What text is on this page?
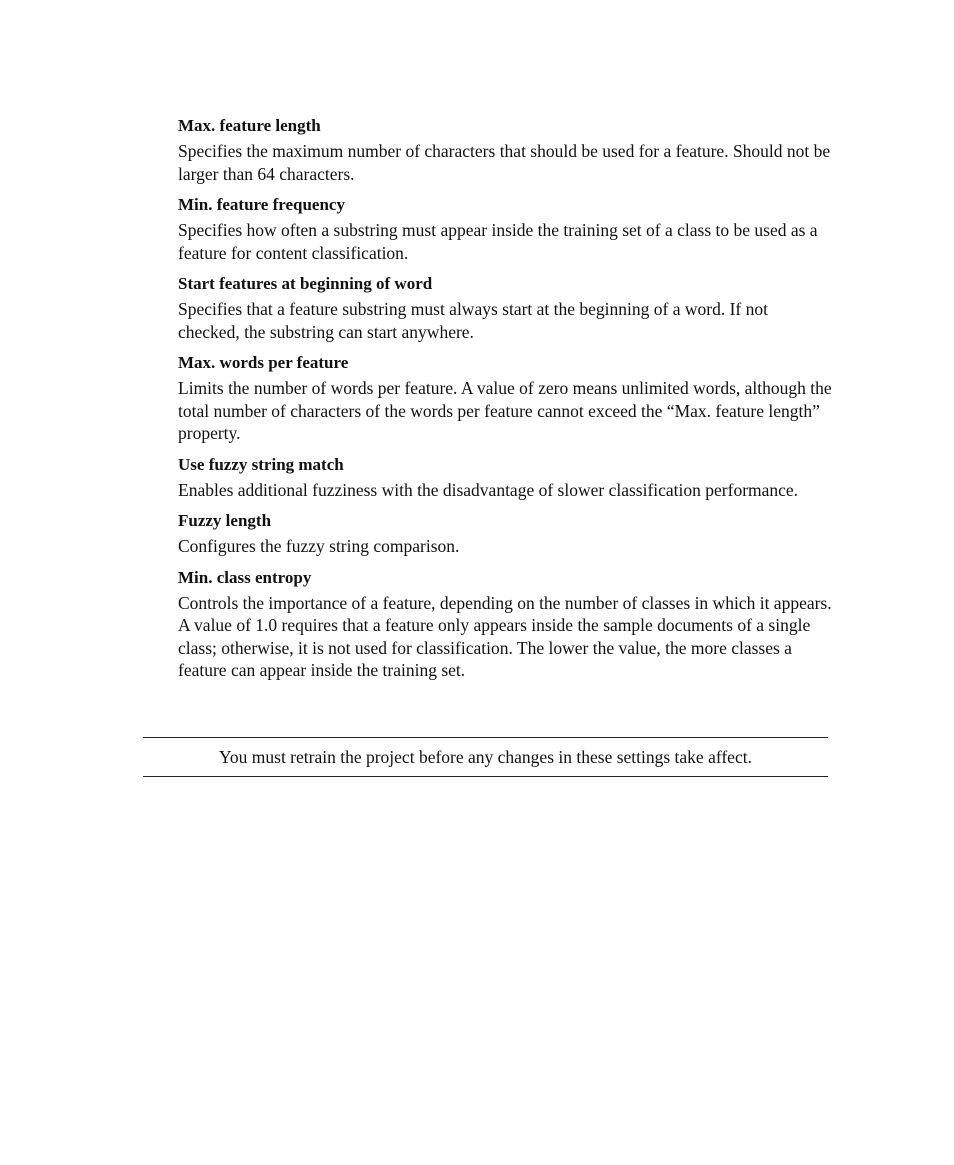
Max. feature length

Specifies the maximum number of characters that should be used for a feature. Should not be larger than 64 characters.

Min. feature frequency

Specifies how often a substring must appear inside the training set of a class to be used as a feature for content classification.

Start features at beginning of word

Specifies that a feature substring must always start at the beginning of a word. If not checked, the substring can start anywhere.

Max. words per feature

Limits the number of words per feature. A value of zero means unlimited words, although the total number of characters of the words per feature cannot exceed the “Max. feature length” property.

Use fuzzy string match

Enables additional fuzziness with the disadvantage of slower classification performance.

Fuzzy length

Configures the fuzzy string comparison.

Min. class entropy

Controls the importance of a feature, depending on the number of classes in which it appears. A value of 1.0 requires that a feature only appears inside the sample documents of a single class; otherwise, it is not used for classification. The lower the value, the more classes a feature can appear inside the training set.

You must retrain the project before any changes in these settings take affect.
